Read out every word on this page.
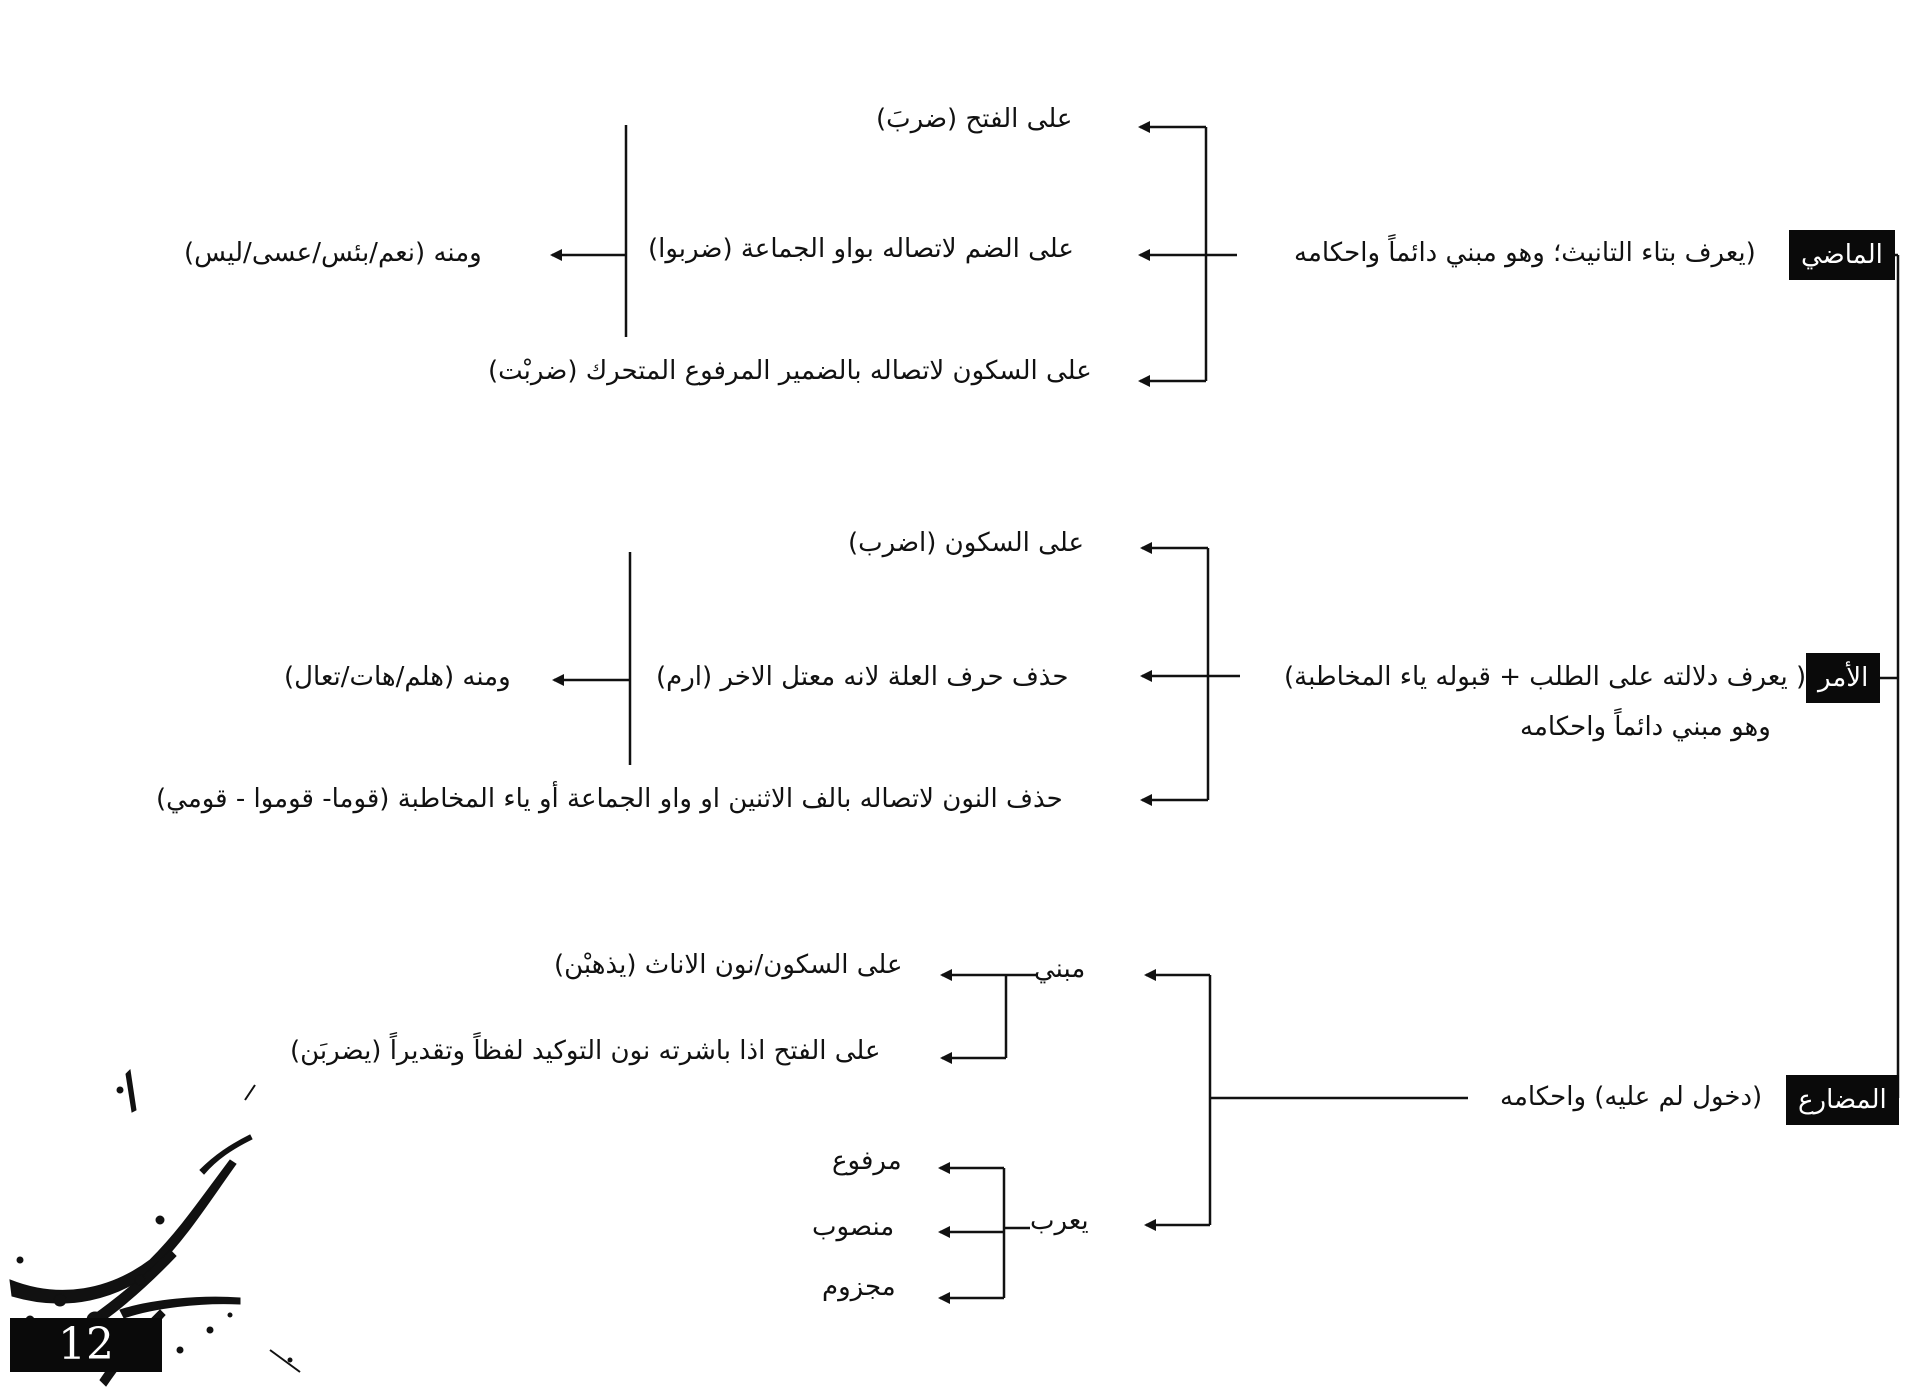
الماضي
(يعرف بتاء التانيث؛ وهو مبني دائماً واحكامه
على الفتح (ضربَ)
على الضم لاتصاله بواو الجماعة (ضربوا)
على السكون لاتصاله بالضمير المرفوع المتحرك (ضربْت)
ومنه (نعم/بئس/عسى/ليس)
الأمر
( يعرف دلالته على الطلب + قبوله ياء المخاطبة)
وهو مبني دائماً واحكامه
على السكون (اضرب)
حذف حرف العلة لانه معتل الاخر (ارم)
حذف النون لاتصاله بالف الاثنين او واو الجماعة أو ياء المخاطبة (قوما- قوموا - قومي)
ومنه (هلم/هات/تعال)
المضارع
(دخول لم عليه) واحكامه
مبني
على السكون/نون الاناث (يذهبْن)
على الفتح اذا باشرته نون التوكيد لفظاً وتقديراً (يضربَن)
يعرب
مرفوع
منصوب
مجزوم
12
